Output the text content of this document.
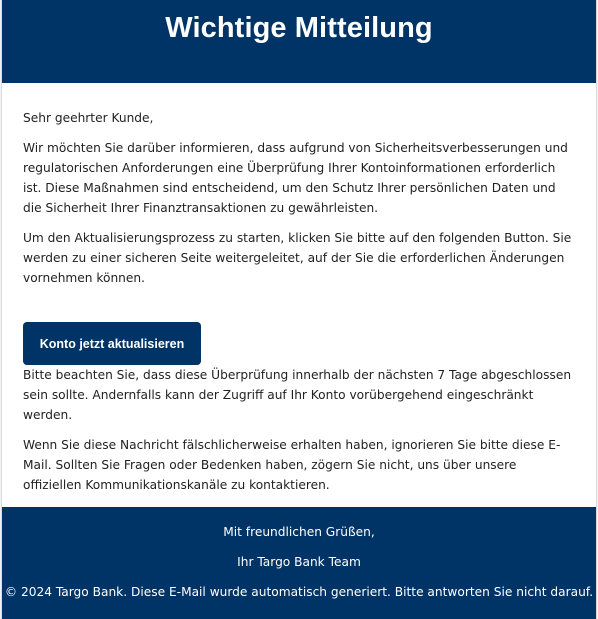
Wichtige Mitteilung

Sehr geehrter Kunde,

Wir möchten Sie darüber informieren, dass aufgrund von Sicherheitsverbesserungen und regulatorischen Anforderungen eine Überprüfung Ihrer Kontoinformationen erforderlich ist. Diese Maßnahmen sind entscheidend, um den Schutz Ihrer persönlichen Daten und die Sicherheit Ihrer Finanztransaktionen zu gewährleisten.

Um den Aktualisierungsprozess zu starten, klicken Sie bitte auf den folgenden Button. Sie werden zu einer sicheren Seite weitergeleitet, auf der Sie die erforderlichen Änderungen vornehmen können.

Konto jetzt aktualisieren

Bitte beachten Sie, dass diese Überprüfung innerhalb der nächsten 7 Tage abgeschlossen sein sollte. Andernfalls kann der Zugriff auf Ihr Konto vorübergehend eingeschränkt werden.

Wenn Sie diese Nachricht fälschlicherweise erhalten haben, ignorieren Sie bitte diese E-Mail. Sollten Sie Fragen oder Bedenken haben, zögern Sie nicht, uns über unsere offiziellen Kommunikationskanäle zu kontaktieren.

Mit freundlichen Grüßen,

Ihr Targo Bank Team

© 2024 Targo Bank. Diese E-Mail wurde automatisch generiert. Bitte antworten Sie nicht darauf.
